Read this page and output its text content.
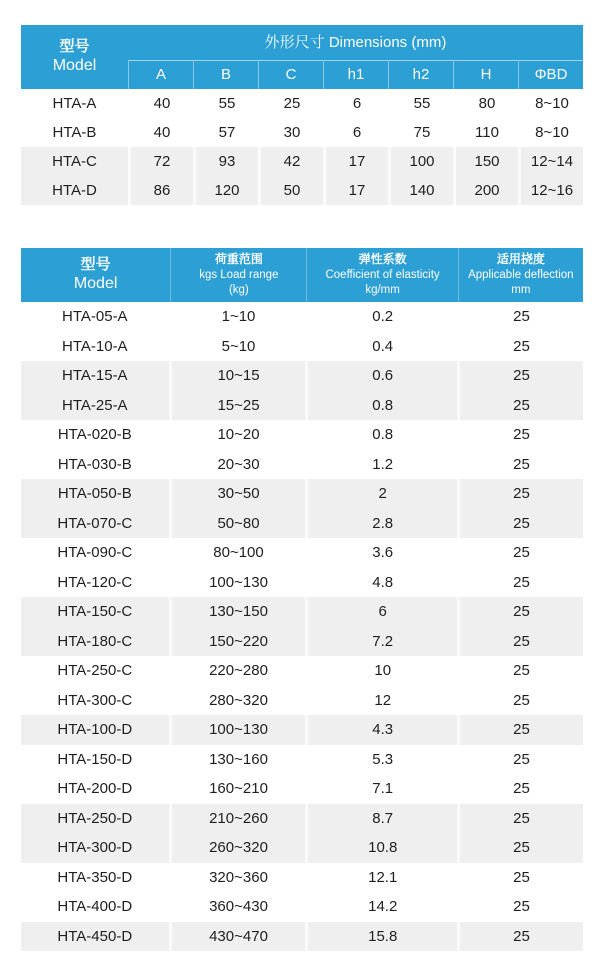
型号
Model
外形尺寸 Dimensions (mm)
A	B	C	h1	h2	H	ΦBD
HTA-A	40	55	25	6	55	80	8~10
HTA-B	40	57	30	6	75	110	8~10
HTA-C	72	93	42	17	100	150	12~14
HTA-D	86	120	50	17	140	200	12~16
型号
Model
荷重范围
kgs Load range
(kg)
弹性系数
Coefficient of elasticity
kg/mm
适用挠度
Applicable deflection
mm
HTA-05-A	1~10	0.2	25
HTA-10-A	5~10	0.4	25
HTA-15-A	10~15	0.6	25
HTA-25-A	15~25	0.8	25
HTA-020-B	10~20	0.8	25
HTA-030-B	20~30	1.2	25
HTA-050-B	30~50	2	25
HTA-070-C	50~80	2.8	25
HTA-090-C	80~100	3.6	25
HTA-120-C	100~130	4.8	25
HTA-150-C	130~150	6	25
HTA-180-C	150~220	7.2	25
HTA-250-C	220~280	10	25
HTA-300-C	280~320	12	25
HTA-100-D	100~130	4.3	25
HTA-150-D	130~160	5.3	25
HTA-200-D	160~210	7.1	25
HTA-250-D	210~260	8.7	25
HTA-300-D	260~320	10.8	25
HTA-350-D	320~360	12.1	25
HTA-400-D	360~430	14.2	25
HTA-450-D	430~470	15.8	25
